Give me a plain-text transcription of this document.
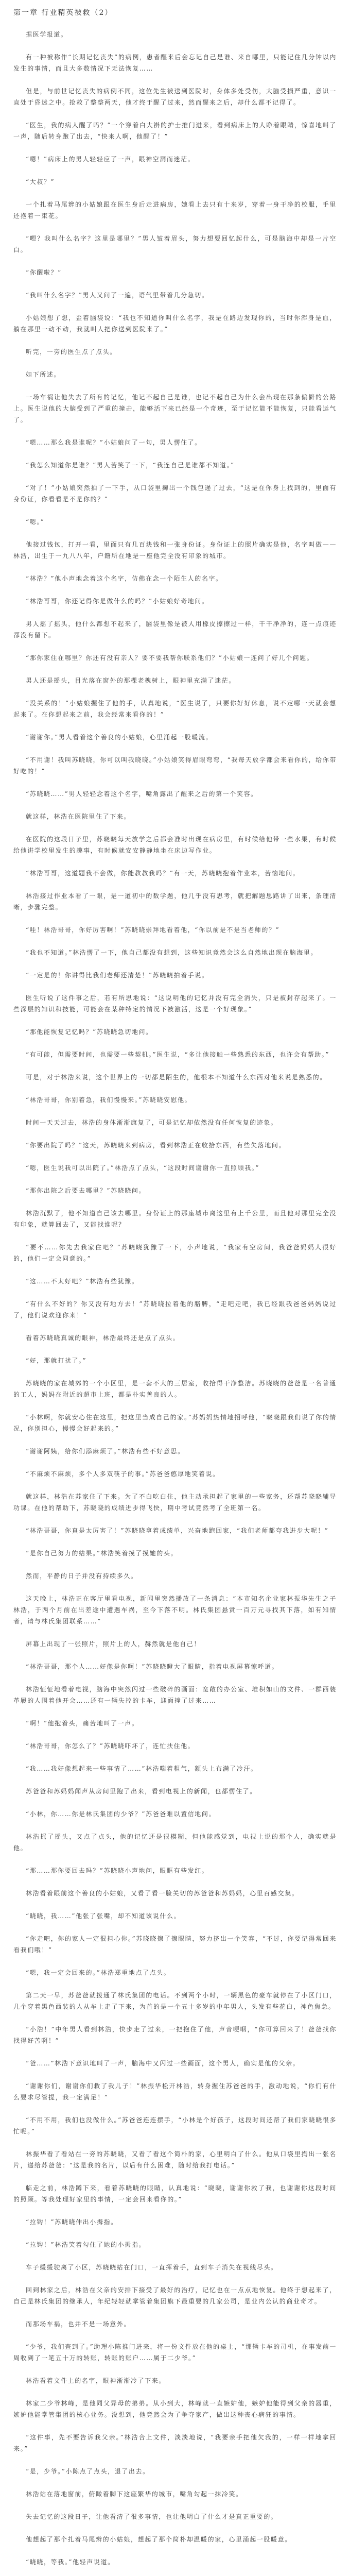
第一章 行业精英被救（2）

据医学报道。

有一种被称作“长期记忆丧失”的病例，患者醒来后会忘记自己是谁、来自哪里，只能记住几分钟以内发生的事情，而且大多数情况下无法恢复……

但是，与前世记忆丧失的病例不同，这位先生被送到医院时，身体多处受伤，大脑受损严重，意识一直处于昏迷之中。抢救了整整两天，他才终于醒了过来，然而醒来之后，却什么都不记得了。

“医生，我的病人醒了吗？”一个穿着白大褂的护士推门进来，看到病床上的人睁着眼睛，惊喜地叫了一声，随后转身跑了出去，“快来人啊，他醒了！”

“嗯！”病床上的男人轻轻应了一声，眼神空洞而迷茫。

“大叔？”

一个扎着马尾辫的小姑娘跟在医生身后走进病房，她看上去只有十来岁，穿着一身干净的校服，手里还抱着一束花。

“嗯？我叫什么名字？这里是哪里？”男人皱着眉头，努力想要回忆起什么，可是脑海中却是一片空白。

“你醒啦？”

“我叫什么名字？”男人又问了一遍，语气里带着几分急切。

小姑娘想了想，歪着脑袋说：“我也不知道你叫什么名字，我是在路边发现你的，当时你浑身是血，躺在那里一动不动，我就叫人把你送到医院来了。”

听完，一旁的医生点了点头。

如下所述。

一场车祸让他失去了所有的记忆，他记不起自己是谁，也记不起自己为什么会出现在那条偏僻的公路上。医生说他的大脑受到了严重的撞击，能够活下来已经是一个奇迹，至于记忆能不能恢复，只能看运气了。

“嗯……那么我是谁呢？”小姑娘问了一句，男人愣住了。

“我怎么知道你是谁？”男人苦笑了一下，“我连自己是谁都不知道。”

“对了！”小姑娘突然拍了一下手，从口袋里掏出一个钱包递了过去，“这是在你身上找到的，里面有身份证，你看看是不是你的？”

“嗯。”

他接过钱包，打开一看，里面只有几百块钱和一张身份证。身份证上的照片确实是他，名字叫做——林浩，出生于一九八八年，户籍所在地是一座他完全没有印象的城市。

“林浩？”他小声地念着这个名字，仿佛在念一个陌生人的名字。

“林浩哥哥，你还记得你是做什么的吗？”小姑娘好奇地问。

男人摇了摇头，他什么都想不起来了，脑袋里像是被人用橡皮擦擦过一样，干干净净的，连一点痕迹都没有留下。

“那你家住在哪里？你还有没有亲人？要不要我帮你联系他们？”小姑娘一连问了好几个问题。

男人还是摇头，目光落在窗外的那棵老槐树上，眼神里充满了迷茫。

“没关系的！”小姑娘握住了他的手，认真地说，“医生说了，只要你好好休息，说不定哪一天就会想起来了。在你想起来之前，我会经常来看你的！”

“谢谢你。”男人看着这个善良的小姑娘，心里涌起一股暖流。

“不用谢！我叫苏晓晓，你可以叫我晓晓。”小姑娘笑得眉眼弯弯，“我每天放学都会来看你的，给你带好吃的！”

“苏晓晓……”男人轻轻念着这个名字，嘴角露出了醒来之后的第一个笑容。

就这样，林浩在医院里住了下来。

在医院的这段日子里，苏晓晓每天放学之后都会准时出现在病房里，有时候给他带一些水果，有时候给他讲学校里发生的趣事，有时候就安安静静地坐在床边写作业。

“林浩哥哥，这道题我不会做，你能教教我吗？”有一天，苏晓晓抱着作业本，苦恼地问。

林浩接过作业本看了一眼，是一道初中的数学题，他几乎没有思考，就把解题思路讲了出来，条理清晰，步骤完整。

“哇！林浩哥哥，你好厉害啊！”苏晓晓崇拜地看着他，“你以前是不是当老师的？”

“我也不知道。”林浩愣了一下，他自己都没有想到，这些知识竟然会这么自然地出现在脑海里。

“一定是的！你讲得比我们老师还清楚！”苏晓晓拍着手说。

医生听说了这件事之后，若有所思地说：“这说明他的记忆并没有完全消失，只是被封存起来了。一些深层的知识和技能，可能会在某种特定的情况下被激活，这是一个好现象。”

“那他能恢复记忆吗？”苏晓晓急切地问。

“有可能，但需要时间，也需要一些契机。”医生说，“多让他接触一些熟悉的东西，也许会有帮助。”

可是，对于林浩来说，这个世界上的一切都是陌生的，他根本不知道什么东西对他来说是熟悉的。

“林浩哥哥，你别着急，我们慢慢来。”苏晓晓安慰他。

时间一天天过去，林浩的身体渐渐康复了，可是记忆却依然没有任何恢复的迹象。

“你要出院了吗？”这天，苏晓晓来到病房，看到林浩正在收拾东西，有些失落地问。

“嗯，医生说我可以出院了。”林浩点了点头，“这段时间谢谢你一直照顾我。”

“那你出院之后要去哪里？”苏晓晓问。

林浩沉默了，他不知道自己该去哪里。身份证上的那座城市离这里有上千公里，而且他对那里完全没有印象，就算回去了，又能找谁呢？

“要不……你先去我家住吧？”苏晓晓犹豫了一下，小声地说，“我家有空房间，我爸爸妈妈人很好的，他们一定会同意的。”

“这……不太好吧？”林浩有些犹豫。

“有什么不好的？你又没有地方去！”苏晓晓拉着他的胳膊，“走吧走吧，我已经跟我爸爸妈妈说过了，他们说欢迎你来！”

看着苏晓晓真诚的眼神，林浩最终还是点了点头。

“好，那就打扰了。”

苏晓晓的家在城郊的一个小区里，是一套不大的三居室，收拾得干净整洁。苏晓晓的爸爸是一名普通的工人，妈妈在附近的超市上班，都是朴实善良的人。

“小林啊，你就安心住在这里，把这里当成自己的家。”苏妈妈热情地招呼他，“晓晓跟我们说了你的情况，你别担心，慢慢会好起来的。”

“谢谢阿姨，给你们添麻烦了。”林浩有些不好意思。

“不麻烦不麻烦，多个人多双筷子的事。”苏爸爸憨厚地笑着说。

就这样，林浩在苏家住了下来。为了不白吃白住，他主动承担起了家里的一些家务，还帮苏晓晓辅导功课。在他的帮助下，苏晓晓的成绩进步得飞快，期中考试竟然考了全班第一名。

“林浩哥哥，你真是太厉害了！”苏晓晓拿着成绩单，兴奋地跑回家，“我们老师都夸我进步大呢！”

“是你自己努力的结果。”林浩笑着摸了摸她的头。

然而，平静的日子并没有持续多久。

这天晚上，林浩正在客厅里看电视，新闻里突然播放了一条消息：“本市知名企业家林振华先生之子林浩，于两个月前在出差途中遭遇车祸，至今下落不明。林氏集团悬赏一百万元寻找其下落，如有知情者，请与林氏集团联系……”

屏幕上出现了一张照片，照片上的人，赫然就是他自己！

“林浩哥哥，那个人……好像是你啊！”苏晓晓瞪大了眼睛，指着电视屏幕惊呼道。

林浩怔怔地看着电视，脑海中突然闪过一些破碎的画面：宽敞的办公室、堆积如山的文件、一群西装革履的人围着他开会……还有一辆失控的卡车，迎面撞了过来……

“啊！”他抱着头，痛苦地叫了一声。

“林浩哥哥，你怎么了？”苏晓晓吓坏了，连忙扶住他。

“我……我好像想起来一些事情了……”林浩喘着粗气，额头上布满了冷汗。

苏爸爸和苏妈妈闻声从房间里跑了出来，看到电视上的新闻，也都愣住了。

“小林，你……你是林氏集团的少爷？”苏爸爸难以置信地问。

林浩摇了摇头，又点了点头，他的记忆还是很模糊，但他能感觉到，电视上说的那个人，确实就是他。

“那……那你要回去吗？”苏晓晓小声地问，眼眶有些发红。

林浩看着眼前这个善良的小姑娘，又看了看一脸关切的苏爸爸和苏妈妈，心里百感交集。

“晓晓，我……”他张了张嘴，却不知道该说什么。

“你走吧，你的家人一定很担心你。”苏晓晓擦了擦眼睛，努力挤出一个笑容，“不过，你要记得常回来看我们哦！”

“嗯，我一定会回来的。”林浩郑重地点了点头。

第二天一早，苏爸爸就拨通了林氏集团的电话。不到两个小时，一辆黑色的豪车就停在了小区门口，几个穿着黑色西装的人从车上走了下来，为首的是一个五十多岁的中年男人，头发有些花白，神色焦急。

“小浩！”中年男人看到林浩，快步走了过来，一把抱住了他，声音哽咽，“你可算回来了！爸爸找你找得好苦啊！”

“爸……”林浩下意识地叫了一声，脑海中又闪过一些画面，这个男人，确实是他的父亲。

“谢谢你们，谢谢你们救了我儿子！”林振华松开林浩，转身握住苏爸爸的手，激动地说，“你们有什么要求尽管提，我一定满足！”

“不用不用，我们也没做什么。”苏爸爸连连摆手，“小林是个好孩子，这段时间还帮了我们家晓晓很多忙呢。”

林振华看了看站在一旁的苏晓晓，又看了看这个简朴的家，心里明白了什么。他从口袋里掏出一张名片，递给苏爸爸：“这是我的名片，以后有什么困难，随时给我打电话。”

临走之前，林浩蹲下来，看着苏晓晓的眼睛，认真地说：“晓晓，谢谢你救了我，也谢谢你这段时间的照顾。等我处理好家里的事情，一定会回来看你的。”

“拉钩！”苏晓晓伸出小拇指。

“拉钩！”林浩笑着勾住了她的小拇指。

车子缓缓驶离了小区，苏晓晓站在门口，一直挥着手，直到车子消失在视线尽头。

回到林家之后，林浩在父亲的安排下接受了最好的治疗，记忆也在一点点地恢复。他终于想起来了，自己是林氏集团的继承人，年纪轻轻就掌管着集团旗下最重要的几家公司，是业内公认的商业奇才。

而那场车祸，也并不是一场意外。

“少爷，我们查到了。”助理小陈推门进来，将一份文件放在他的桌上，“那辆卡车的司机，在事发前一周收到了一笔五十万的转账，转账的账户……属于二少爷。”

林浩看着文件上的名字，眼神渐渐冷了下来。

林家二少爷林峰，是他同父异母的弟弟。从小到大，林峰就一直嫉妒他，嫉妒他能得到父亲的器重，嫉妒他能掌管集团的核心业务。没想到，他竟然会为了争夺家产，做出这种丧心病狂的事情。

“这件事，先不要告诉我父亲。”林浩合上文件，淡淡地说，“我要亲手把他欠我的，一样一样地拿回来。”

“是，少爷。”小陈点了点头，退了出去。

林浩站在落地窗前，俯瞰着脚下这座繁华的城市，嘴角勾起一抹冷笑。

失去记忆的这段日子，让他看清了很多事情，也让他明白了什么才是真正重要的。

他想起了那个扎着马尾辫的小姑娘，想起了那个简朴却温暖的家，心里涌起一股暖意。

“晓晓，等我。”他轻声说道。
